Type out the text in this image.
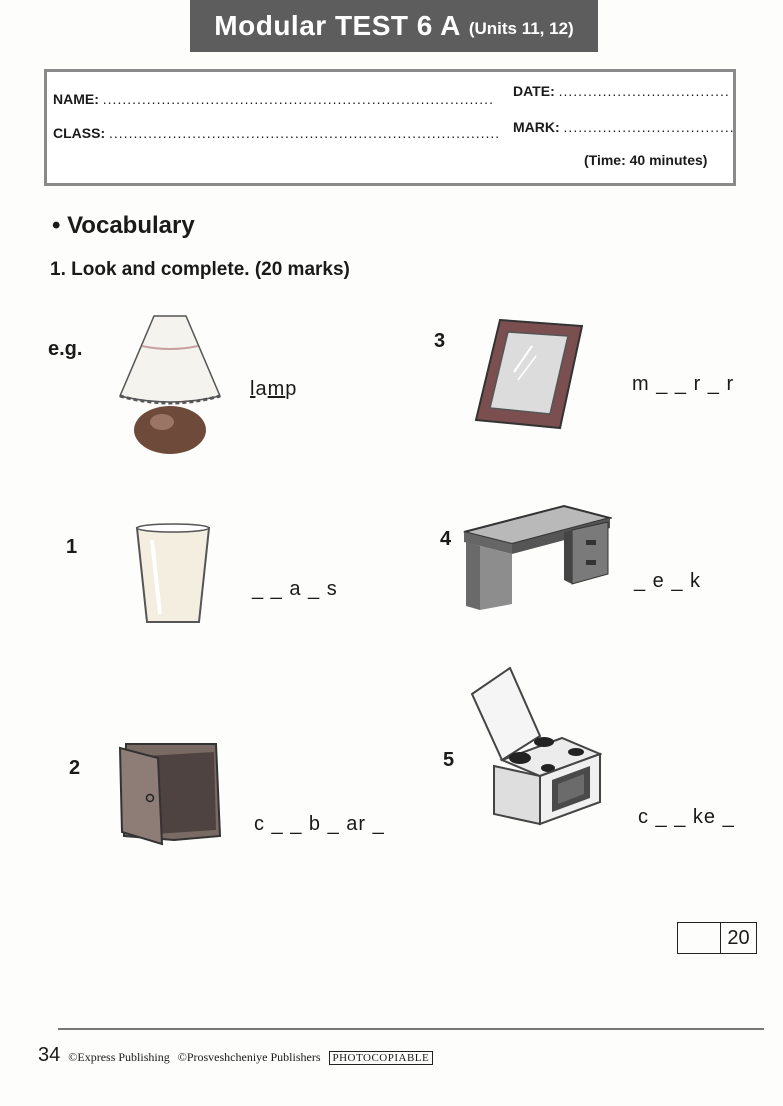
Modular TEST 6 A (Units 11, 12)
NAME: ................................................................................ DATE: ...................................
CLASS: ................................................................................ MARK: ...................................
(Time: 40 minutes)
• Vocabulary
1. Look and complete. (20 marks)
e.g.
lamp
1
_ _ a _ s
2
c _ _ b _ ar _
3
m _ _ r _ r
4
_ e _ k
5
c _ _ ke _
20
34 ©Express Publishing ©Prosveshcheniye Publishers	PHOTOCOPIABLE
